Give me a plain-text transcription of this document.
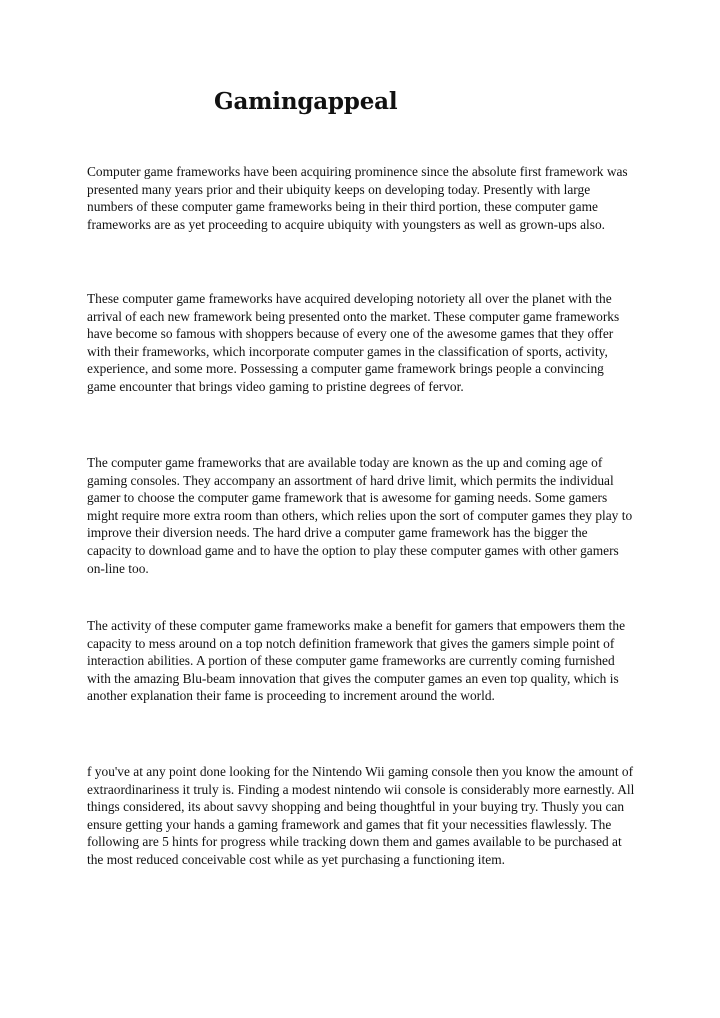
Gamingappeal

Computer game frameworks have been acquiring prominence since the absolute first framework was presented many years prior and their ubiquity keeps on developing today. Presently with large numbers of these computer game frameworks being in their third portion, these computer game frameworks are as yet proceeding to acquire ubiquity with youngsters as well as grown-ups also.

These computer game frameworks have acquired developing notoriety all over the planet with the arrival of each new framework being presented onto the market. These computer game frameworks have become so famous with shoppers because of every one of the awesome games that they offer with their frameworks, which incorporate computer games in the classification of sports, activity, experience, and some more. Possessing a computer game framework brings people a convincing game encounter that brings video gaming to pristine degrees of fervor.

The computer game frameworks that are available today are known as the up and coming age of gaming consoles. They accompany an assortment of hard drive limit, which permits the individual gamer to choose the computer game framework that is awesome for gaming needs. Some gamers might require more extra room than others, which relies upon the sort of computer games they play to improve their diversion needs. The hard drive a computer game framework has the bigger the capacity to download game and to have the option to play these computer games with other gamers on-line too.

The activity of these computer game frameworks make a benefit for gamers that empowers them the capacity to mess around on a top notch definition framework that gives the gamers simple point of interaction abilities. A portion of these computer game frameworks are currently coming furnished with the amazing Blu-beam innovation that gives the computer games an even top quality, which is another explanation their fame is proceeding to increment around the world.

f you've at any point done looking for the Nintendo Wii gaming console then you know the amount of extraordinariness it truly is. Finding a modest nintendo wii console is considerably more earnestly. All things considered, its about savvy shopping and being thoughtful in your buying try. Thusly you can ensure getting your hands a gaming framework and games that fit your necessities flawlessly. The following are 5 hints for progress while tracking down them and games available to be purchased at the most reduced conceivable cost while as yet purchasing a functioning item.
